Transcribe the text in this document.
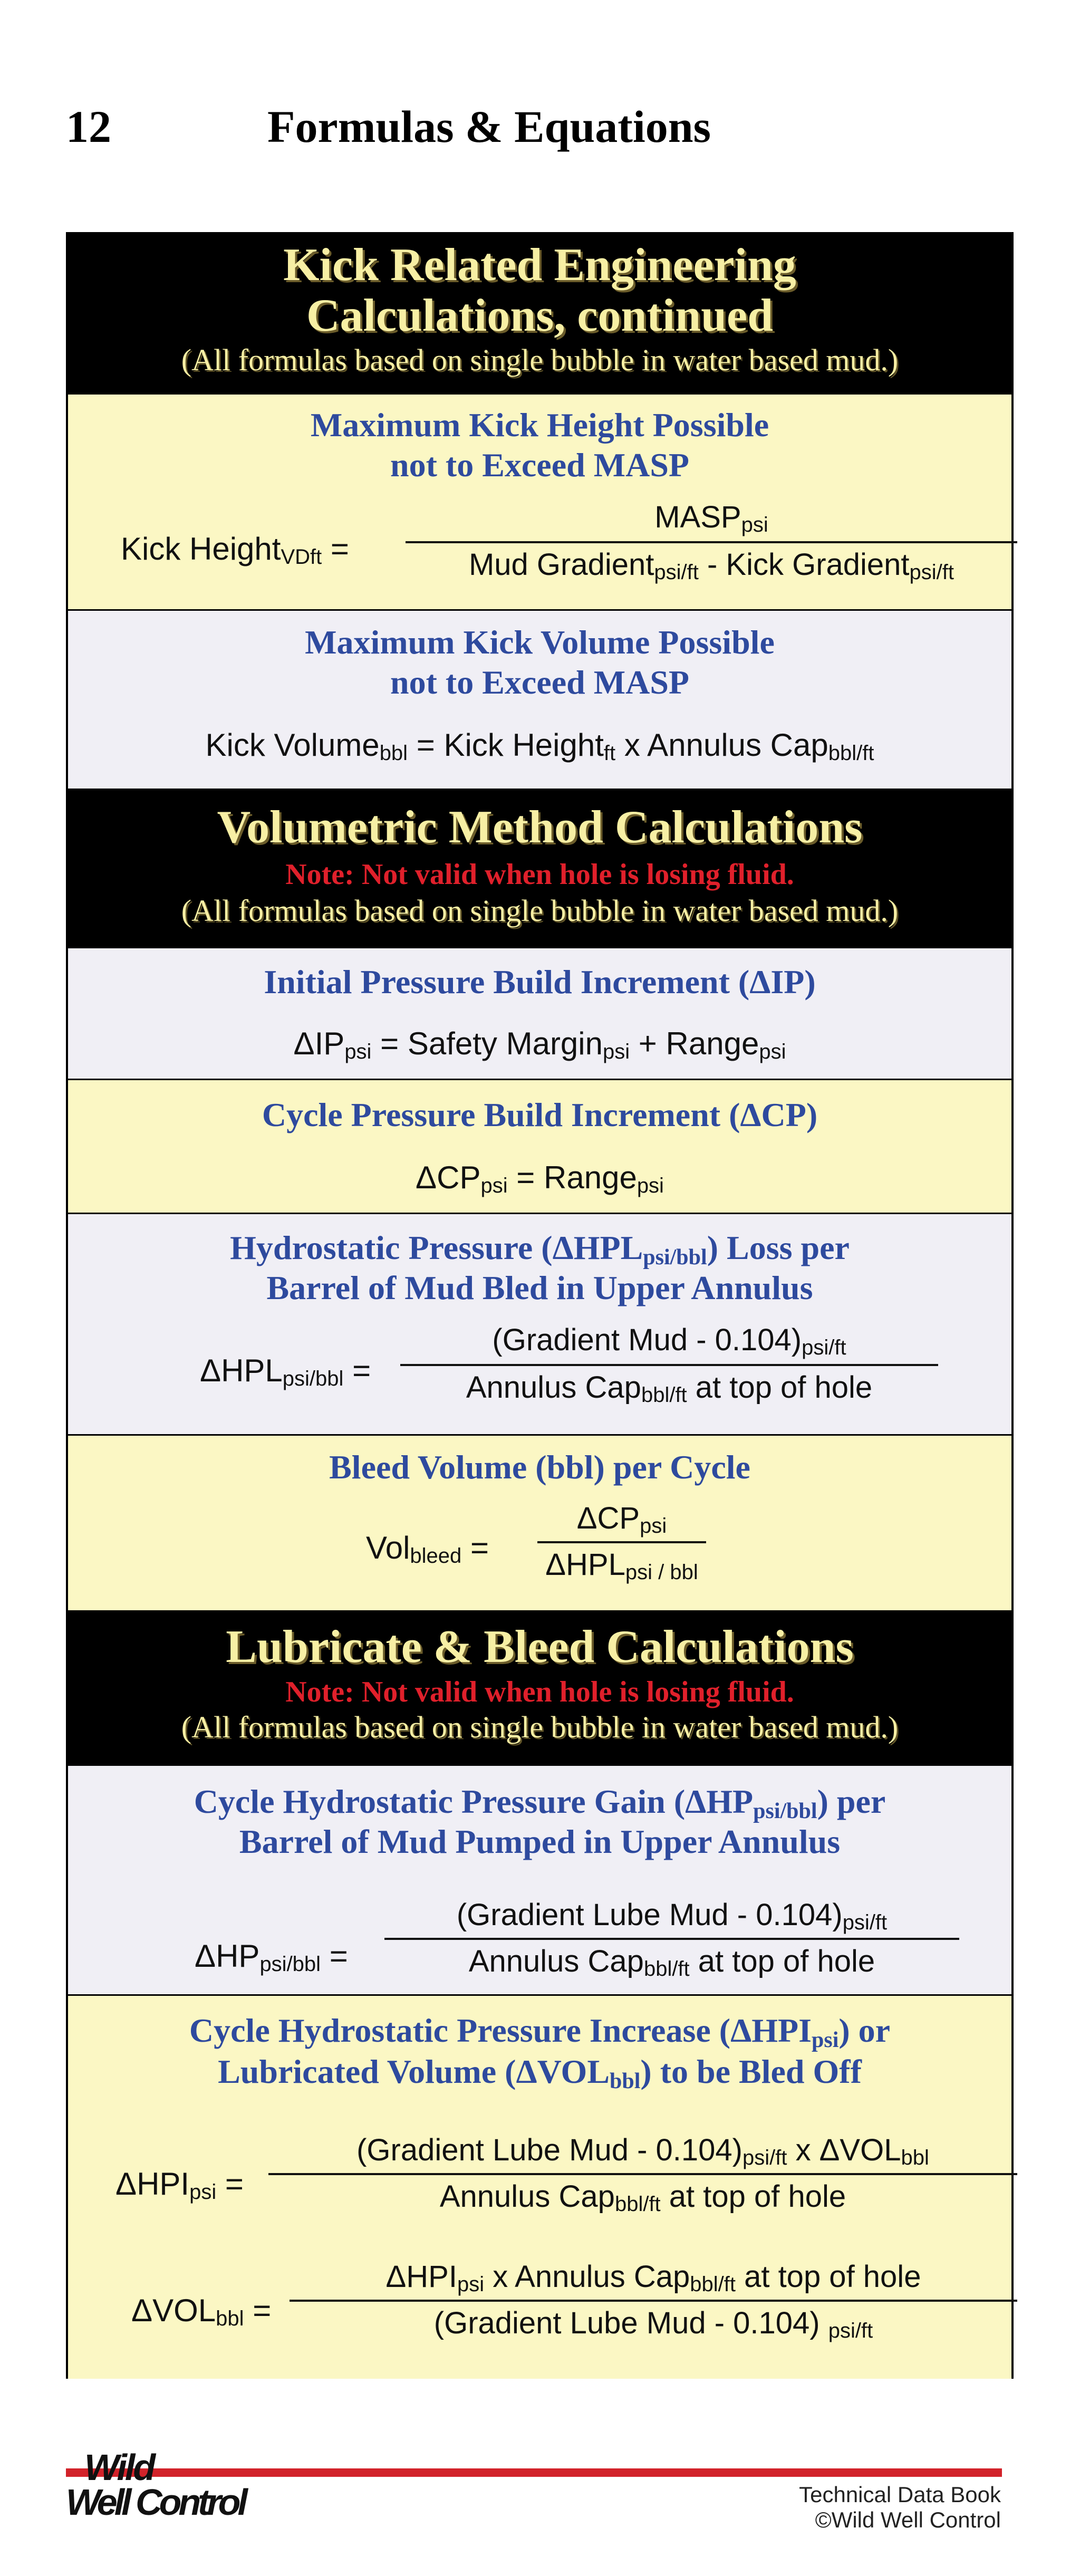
12	Formulas & Equations
Kick Related Engineering
Calculations, continued
(All formulas based on single bubble in water based mud.)
Maximum Kick Height Possible
not to Exceed MASP
Kick Height$_{VDft}$ =
$MASP_{psi}$
Mud Gradient$_{psi/ft}$ - Kick Gradient$_{psi/ft}$
Maximum Kick Volume Possible
not to Exceed MASP
Kick Volume$_{bbl}$ = Kick Height$_{ft}$ x Annulus Cap$_{bbl/ft}$
Volumetric Method Calculations
Note: Not valid when hole is losing fluid.
(All formulas based on single bubble in water based mud.)
Initial Pressure Build Increment (ΔIP)
$\Delta IP_{psi}$ = Safety Margin$_{psi}$ + Range$_{psi}$
Cycle Pressure Build Increment (ΔCP)
$\Delta CP_{psi}$ = Range$_{psi}$
Hydrostatic Pressure $(\Delta HPL_{psi/bbl})$ Loss per
Barrel of Mud Bled in Upper Annulus
$\Delta HPL_{psi/bbl}$ =
(Gradient Mud - $0.104)_{psi/ft}$
Annulus Cap$_{bbl/ft}$ at top of hole
Bleed Volume (bbl) per Cycle
Vol$_{bleed}$ =
$\Delta CP_{psi}$
$\Delta HPL_{psi / bbl}$
Lubricate & Bleed Calculations
Note: Not valid when hole is losing fluid.
(All formulas based on single bubble in water based mud.)
Cycle Hydrostatic Pressure Gain $(\Delta HP_{psi/bbl})$ per
Barrel of Mud Pumped in Upper Annulus
$\Delta HP_{psi/bbl}$ =
(Gradient Lube Mud - $0.104)_{psi/ft}$
Annulus Cap$_{bbl/ft}$ at top of hole
Cycle Hydrostatic Pressure Increase $(\Delta HPI_{psi})$ or
Lubricated Volume $(\Delta VOL_{bbl})$ to be Bled Off
$\Delta HPI_{psi}$ =
(Gradient Lube Mud - $0.104)_{psi/ft}$ x $\Delta VOL_{bbl}$
Annulus Cap$_{bbl/ft}$ at top of hole
$\Delta VOL_{bbl}$ =
$\Delta HPI_{psi}$ x Annulus Cap$_{bbl/ft}$ at top of hole
(Gradient Lube Mud - 0.104) $_{psi/ft}$
Wild
Well Control	Technical Data Book
©Wild Well Control
